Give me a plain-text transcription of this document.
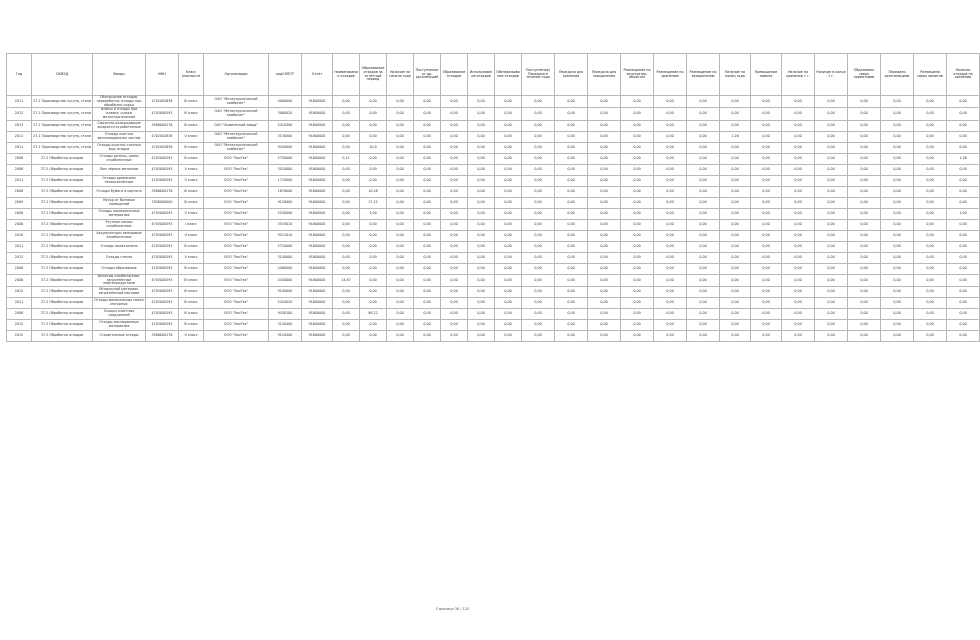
Год	ОКВЭД	Ввиды	ИНН	Класс опасности	Организации	кодСКПОТ	Отчёт	Наименование отходов	Образование отходов за отчётный период	Наличие на начало года	Поступление от др. организаций	Образование отходов	Использование отходов	Обезвреживание отходов	Поступление/Передача в течение года	Передача для хранения	Передача для захоронения	Размещение на эксплуатир. объектах	Размещение по хранению	Размещение по захоронению	Наличие на конец года	Превышение лимита	Наличие на хранении 1 г.	Наличие в конце 1 г.	Образовано сверх нормативов	Передано организациям	Размещено сверх лимитов	Наличие отходов на хранении
2011	27.1 Производство чугуна, стали	Обогащение отходов, переработка; отходы при обработке сырья	4702002836	III класс	ОАО "Металлургический комбинат"	4060000	91600000	0,00	0,00	0,00	0,00	0,00	0,00	0,00	0,00	0,00	0,00	0,00	0,00	0,00	0,00	0,00	0,00	0,00	0,00	0,00	0,00	0,00
2012	27.1 Производство чугуна, стали	Флюсы и отходы при плавке; шлаки металлургические	4703000393	IV класс	ОАО "Металлургический комбинат"	3060020	91600000	0,00	0,00	0,00	0,00	0,00	0,00	0,00	0,00	0,00	0,00	0,00	0,00	0,00	0,00	0,00	0,00	0,00	0,00	0,00	0,00	0,00
2013	27.1 Производство чугуна, стали	Смазочно-охлаждающие жидкости отработанные	3906000176	III класс	ОАО "Химический завод"	5410300	91600000	0,00	0,00	0,00	0,00	0,00	0,00	0,00	0,00	0,00	0,00	0,00	0,00	0,00	0,00	0,00	0,00	0,00	0,00	0,00	0,00	0,00
2011	27.1 Производство чугуна, стали	Отходы очистки вентиляционных систем	4702002836	V класс	ОАО "Металлургический комбинат"	3130000	91600000	0,00	0,00	0,00	0,00	0,00	0,00	0,00	0,00	0,00	0,00	0,00	0,00	0,00	1,26	0,00	0,00	0,00	0,00	0,00	0,00	0,00
2011	27.1 Производство чугуна, стали	Отходы очистки сточных вод; осадки	4702002836	IV класс	ОАО "Металлургический комбинат"	9430000	91600000	0,00	10,0	0,00	0,00	0,00	0,00	0,00	0,00	0,00	0,00	0,00	0,00	0,00	0,00	0,00	0,00	0,00	0,00	0,00	0,00	0,00
2008	37.2 Обработка отходов	Отходы резины, шины отработанные	4703000393	IV класс	ООО "ЭкоТех"	5750000	91600000	0,11	0,00	0,00	0,00	0,00	0,00	0,00	0,00	0,00	0,00	0,00	0,00	0,00	0,00	0,00	0,00	0,00	0,00	0,00	0,00	1,26
2008	37.2 Обработка отходов	Лом чёрных металлов	4703000393	V класс	ООО "ЭкоТех"	3510000	91600000	0,00	0,00	0,00	0,00	0,00	0,00	0,00	0,00	0,00	0,00	0,00	0,00	0,00	0,00	0,00	0,00	0,00	0,00	0,00	0,00	0,00
2011	37.2 Обработка отходов	Отходы древесины незагрязнённые	4703000393	V класс	ООО "ЭкоТех"	1710000	91600000	0,00	0,00	0,00	0,00	0,00	0,00	0,00	0,00	0,00	0,00	0,00	0,00	0,00	0,00	0,00	0,00	0,00	0,00	0,00	0,00	0,00
2008	37.2 Обработка отходов	Отходы бумаги и картона	3906000176	III класс	ООО "ЭкоТех"	1870000	91600000	0,00	10,28	0,00	0,00	0,00	0,00	0,00	0,00	0,00	0,00	0,00	0,00	0,00	0,00	0,00	0,00	0,00	0,00	0,00	0,00	0,00
2009	37.2 Обработка отходов	Мусор от бытовых помещений	7838000000	III класс	ООО "ЭкоТех"	9120000	91600000	0,00	17,12	0,00	0,00	0,00	0,00	0,00	0,00	0,00	0,00	0,00	0,00	0,00	0,00	0,00	0,00	0,00	0,00	0,00	0,00	0,00
2008	37.2 Обработка отходов	Отходы лакокрасочных материалов	4703000393	V класс	ООО "ЭкоТех"	5530000	91600000	0,00	1,00	0,00	0,00	0,00	0,00	0,00	0,00	0,00	0,00	0,00	0,00	0,00	0,00	0,00	0,00	0,00	0,00	0,00	0,00	1,00
2008	37.2 Обработка отходов	Ртутные лампы отработанные	4703000393	I класс	ООО "ЭкоТех"	3533010	91600000	0,00	0,00	0,00	0,00	0,00	0,00	0,00	0,00	0,00	0,00	0,00	0,00	0,00	0,00	0,00	0,00	0,00	0,00	0,00	0,00	0,00
2010	37.2 Обработка отходов	Аккумуляторы свинцовые отработанные	4703000393	II класс	ООО "ЭкоТех"	9211010	91600000	0,00	0,00	0,00	0,00	0,00	0,00	0,00	0,00	0,00	0,00	0,00	0,00	0,00	0,00	0,00	0,00	0,00	0,00	0,00	0,00	0,00
2011	37.2 Обработка отходов	Отходы полиэтилена	4703000393	IV класс	ООО "ЭкоТех"	5710000	91600000	0,00	0,00	0,00	0,00	0,00	0,00	0,00	0,00	0,00	0,00	0,00	0,00	0,00	0,00	0,00	0,00	0,00	0,00	0,00	0,00	0,00
2012	37.2 Обработка отходов	Отходы стекла	4703000393	V класс	ООО "ЭкоТех"	3140000	91600000	0,00	0,00	0,00	0,00	0,00	0,00	0,00	0,00	0,00	0,00	0,00	0,00	0,00	0,00	0,00	0,00	0,00	0,00	0,00	0,00	0,00
2008	37.2 Обработка отходов	Отходы абразивные	4703000393	IV класс	ООО "ЭкоТех"	4560000	91600000	0,00	0,00	0,00	0,00	0,00	0,00	0,00	0,00	0,00	0,00	0,00	0,00	0,00	0,00	0,00	0,00	0,00	0,00	0,00	0,00	0,00
2008	37.2 Обработка отходов	Фильтры отработанные, загрязнённые нефтепродуктами	4703000393	III класс	ООО "ЭкоТех"	4430000	91600000	14,87	0,00	0,00	0,00	0,00	0,00	0,00	0,00	0,00	0,00	0,00	0,00	0,00	0,00	0,00	0,00	0,00	0,00	0,00	0,00	0,00
2012	37.2 Обработка отходов	Обтирочный материал, загрязнённый маслами	4703000393	III класс	ООО "ЭкоТех"	9190000	91600000	0,00	0,00	0,00	0,00	0,00	0,00	0,00	0,00	0,00	0,00	0,00	0,00	0,00	0,00	0,00	0,00	0,00	0,00	0,00	0,00	0,00
2011	37.2 Обработка отходов	Отходы минеральных масел моторных	4703000393	III класс	ООО "ЭкоТех"	5410020	91600000	0,00	0,00	0,00	0,00	0,00	0,00	0,00	0,00	0,00	0,00	0,00	0,00	0,00	0,00	0,00	0,00	0,00	0,00	0,00	0,00	0,00
2008	37.2 Обработка отходов	Осадки очистных сооружений	4703000393	IV класс	ООО "ЭкоТех"	9430100	91600000	0,00	98,22	0,00	0,00	0,00	0,00	0,00	0,00	0,00	0,00	0,00	0,00	0,00	0,00	0,00	0,00	0,00	0,00	0,00	0,00	0,00
2012	37.2 Обработка отходов	Отходы изоляционных материалов	4703000393	IV класс	ООО "ЭкоТех"	3140400	91600000	0,00	0,00	0,00	0,00	0,00	0,00	0,00	0,00	0,00	0,00	0,00	0,00	0,00	0,00	0,00	0,00	0,00	0,00	0,00	0,00	0,00
2012	37.2 Обработка отходов	Строительные отходы	3906000176	V класс	ООО "ЭкоТех"	9120400	91600000	0,00	0,00	0,00	0,00	0,00	0,00	0,00	0,00	0,00	0,00	0,00	0,00	0,00	0,00	0,00	0,00	0,00	0,00	0,00	0,00	0,00
Страница 38 / 120
